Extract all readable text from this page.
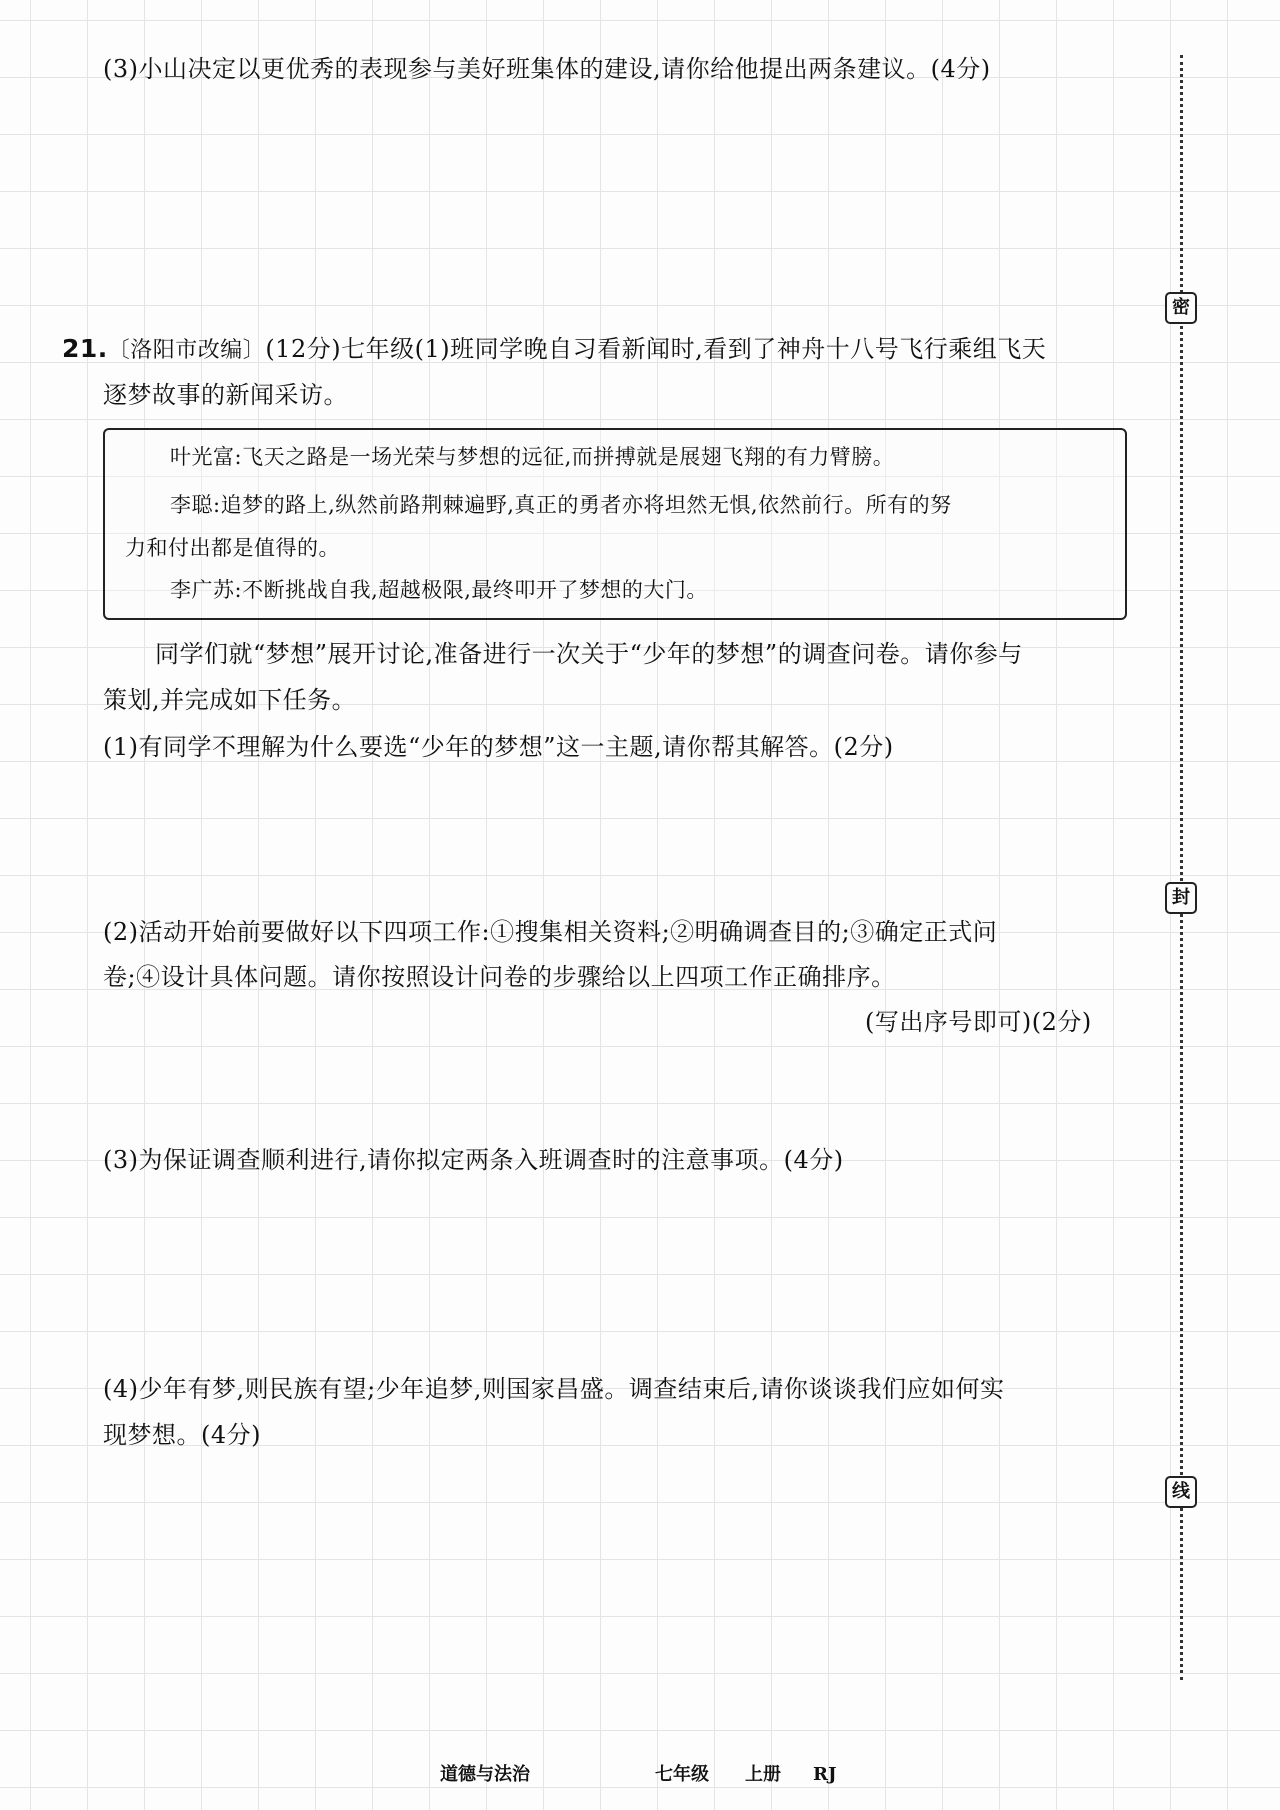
(3)小山决定以更优秀的表现参与美好班集体的建设,请你给他提出两条建议。(4分)
21.〔洛阳市改编〕(12分)七年级(1)班同学晚自习看新闻时,看到了神舟十八号飞行乘组飞天
逐梦故事的新闻采访。
叶光富:飞天之路是一场光荣与梦想的远征,而拼搏就是展翅飞翔的有力臂膀。
李聪:追梦的路上,纵然前路荆棘遍野,真正的勇者亦将坦然无惧,依然前行。所有的努
力和付出都是值得的。
李广苏:不断挑战自我,超越极限,最终叩开了梦想的大门。
同学们就“梦想”展开讨论,准备进行一次关于“少年的梦想”的调查问卷。请你参与
策划,并完成如下任务。
(1)有同学不理解为什么要选“少年的梦想”这一主题,请你帮其解答。(2分)
(2)活动开始前要做好以下四项工作:①搜集相关资料;②明确调查目的;③确定正式问
卷;④设计具体问题。请你按照设计问卷的步骤给以上四项工作正确排序。
(写出序号即可)(2分)
(3)为保证调查顺利进行,请你拟定两条入班调查时的注意事项。(4分)
(4)少年有梦,则民族有望;少年追梦,则国家昌盛。调查结束后,请你谈谈我们应如何实
现梦想。(4分)
密
封
线
道德与法治	七年级 上册 RJ
